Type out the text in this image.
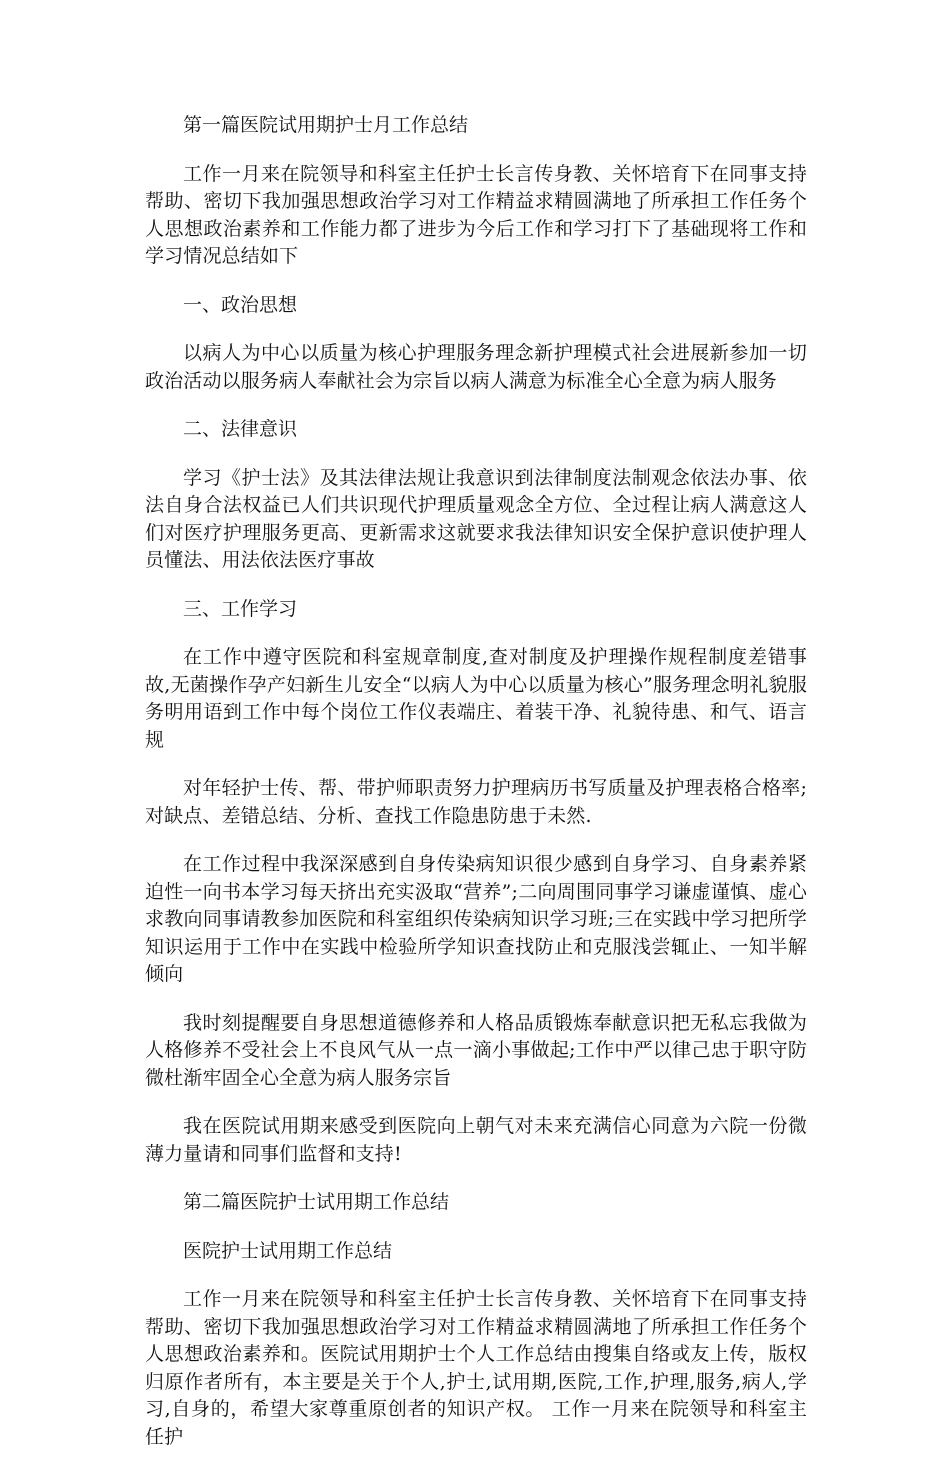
第一篇医院试用期护士月工作总结

工作一月来在院领导和科室主任护士长言传身教、关怀培育下在同事支持帮助、密切下我加强思想政治学习对工作精益求精圆满地了所承担工作任务个人思想政治素养和工作能力都了进步为今后工作和学习打下了基础现将工作和学习情况总结如下

一、政治思想

以病人为中心以质量为核心护理服务理念新护理模式社会进展新参加一切政治活动以服务病人奉献社会为宗旨以病人满意为标准全心全意为病人服务

二、法律意识

学习《护士法》及其法律法规让我意识到法律制度法制观念依法办事、依法自身合法权益已人们共识现代护理质量观念全方位、全过程让病人满意这人们对医疗护理服务更高、更新需求这就要求我法律知识安全保护意识使护理人员懂法、用法依法医疗事故

三、工作学习

在工作中遵守医院和科室规章制度,查对制度及护理操作规程制度差错事故,无菌操作孕产妇新生儿安全“以病人为中心以质量为核心”服务理念明礼貌服务明用语到工作中每个岗位工作仪表端庄、着装干净、礼貌待患、和气、语言规

对年轻护士传、帮、带护师职责努力护理病历书写质量及护理表格合格率;对缺点、差错总结、分析、查找工作隐患防患于未然.

在工作过程中我深深感到自身传染病知识很少感到自身学习、自身素养紧迫性一向书本学习每天挤出充实汲取“营养”;二向周围同事学习谦虚谨慎、虚心求教向同事请教参加医院和科室组织传染病知识学习班;三在实践中学习把所学知识运用于工作中在实践中检验所学知识查找防止和克服浅尝辄止、一知半解倾向

我时刻提醒要自身思想道德修养和人格品质锻炼奉献意识把无私忘我做为人格修养不受社会上不良风气从一点一滴小事做起;工作中严以律己忠于职守防微杜渐牢固全心全意为病人服务宗旨

我在医院试用期来感受到医院向上朝气对未来充满信心同意为六院一份微薄力量请和同事们监督和支持!

第二篇医院护士试用期工作总结

医院护士试用期工作总结

工作一月来在院领导和科室主任护士长言传身教、关怀培育下在同事支持帮助、密切下我加强思想政治学习对工作精益求精圆满地了所承担工作任务个人思想政治素养和。医院试用期护士个人工作总结由搜集自络或友上传，版权归原作者所有，本主要是关于个人,护士,试用期,医院,工作,护理,服务,病人,学习,自身的，希望大家尊重原创者的知识产权。 工作一月来在院领导和科室主任护
